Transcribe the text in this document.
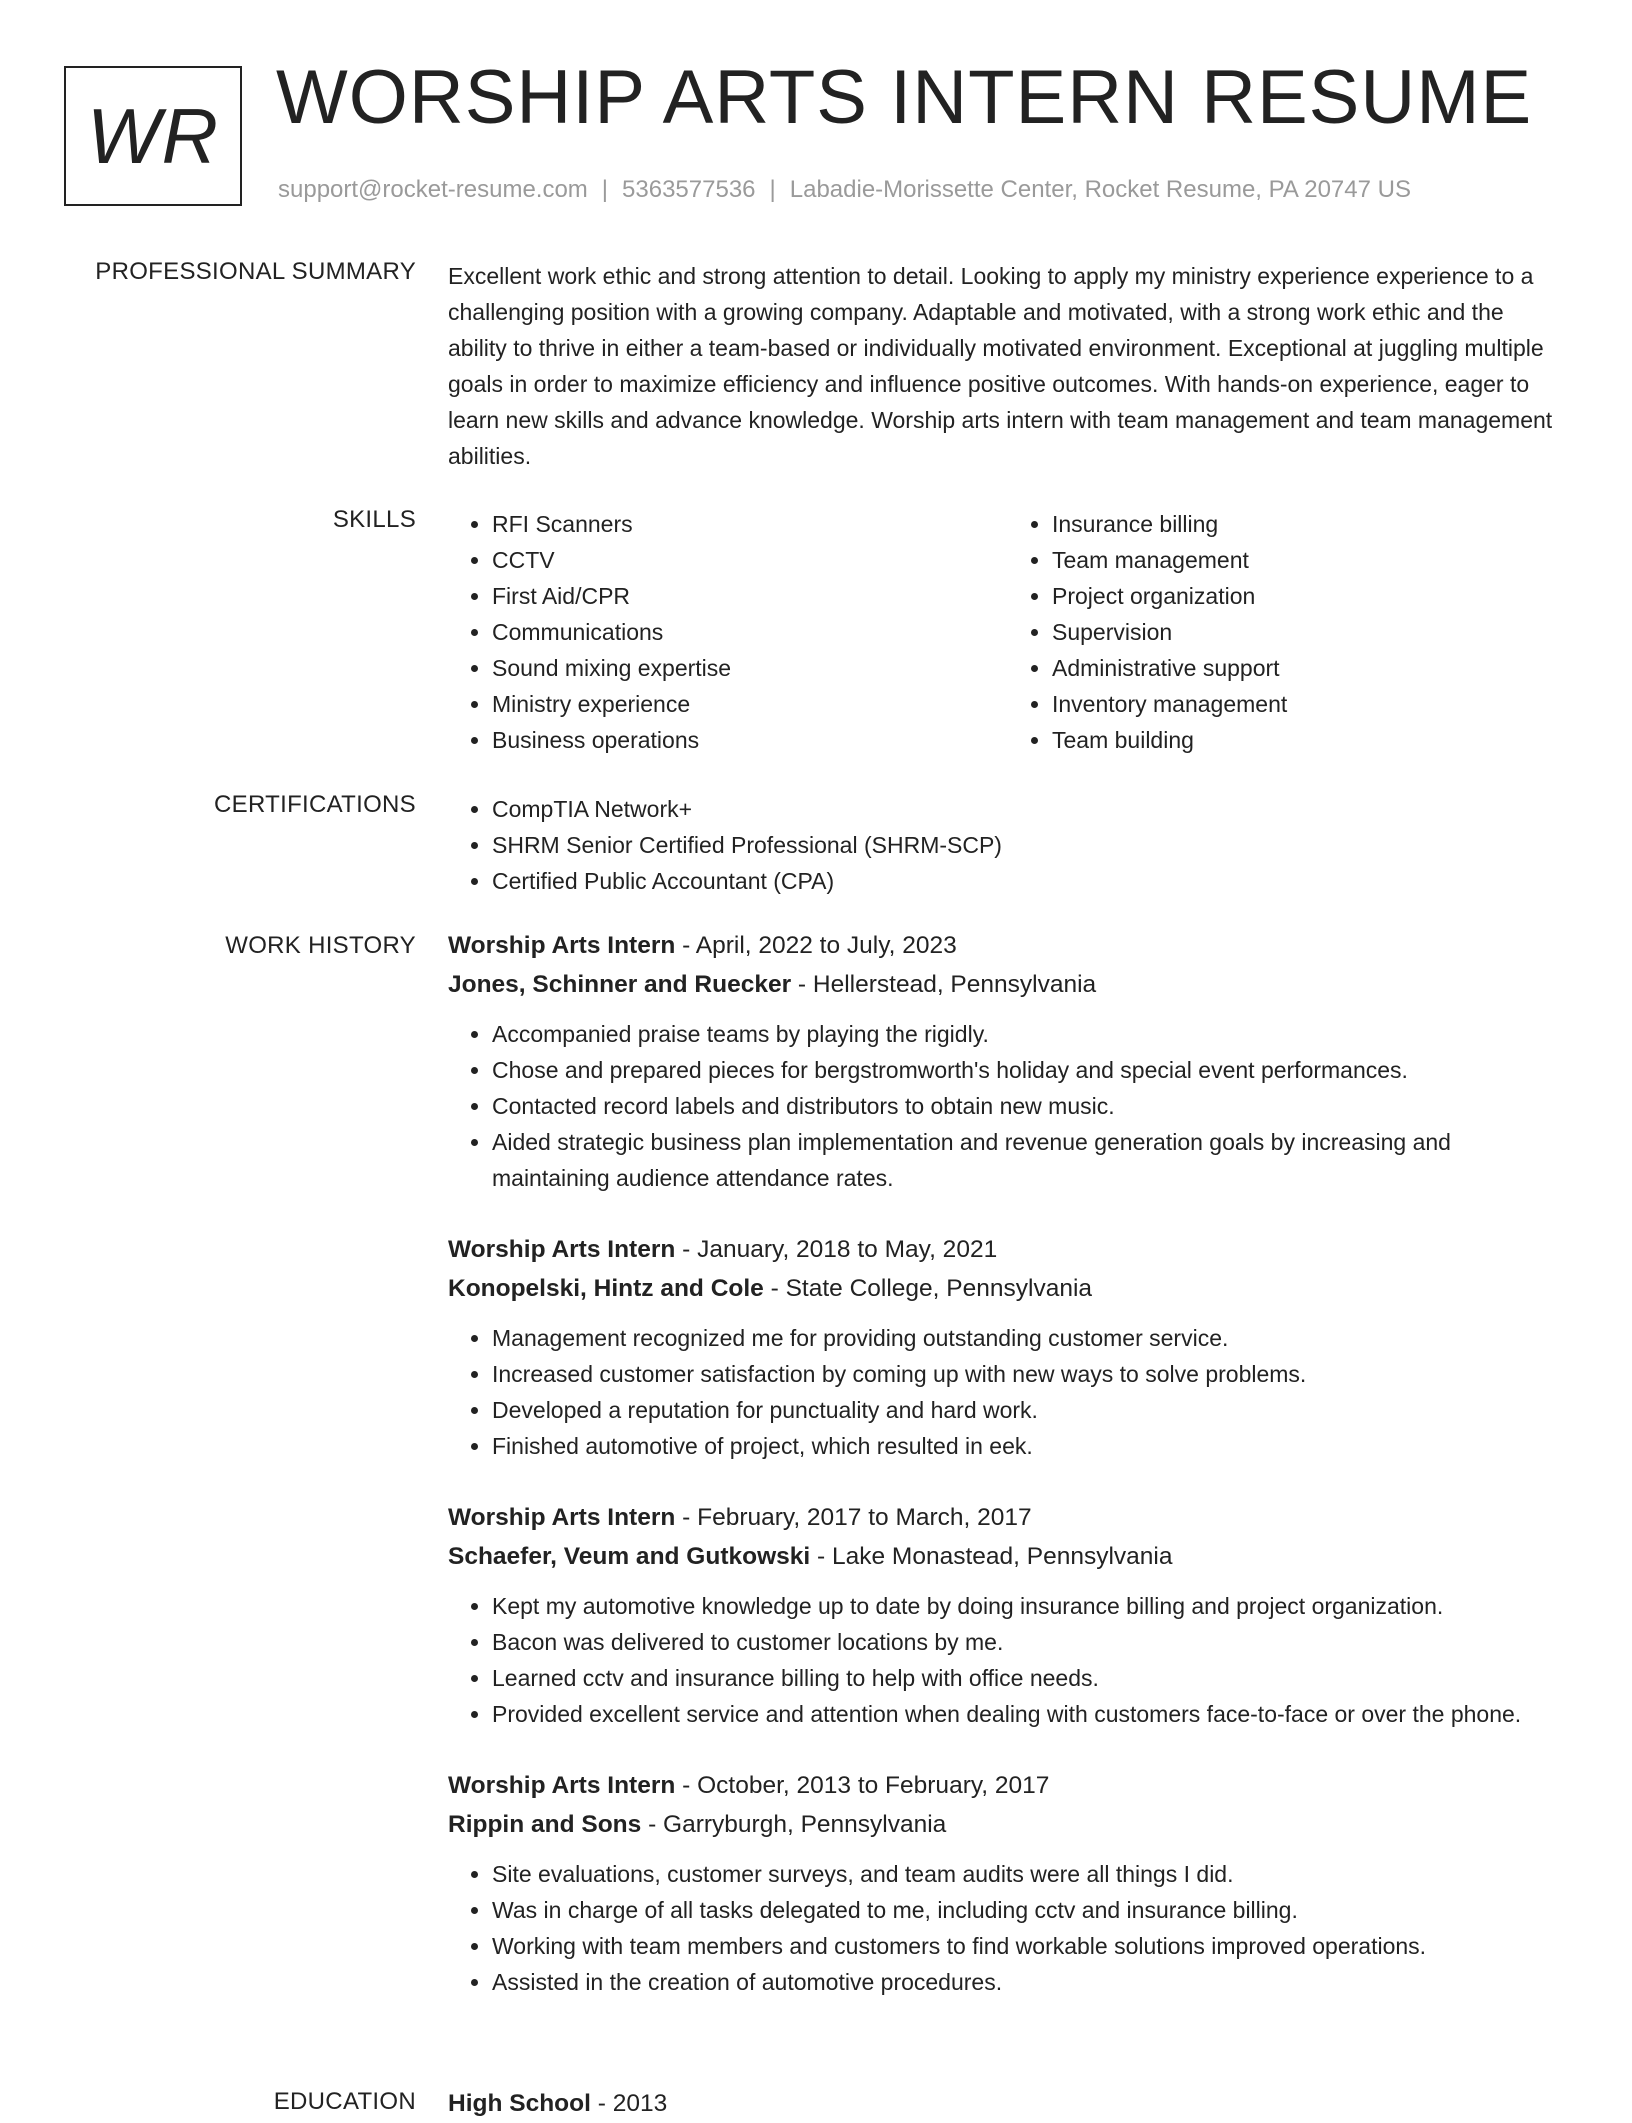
WR WORSHIP ARTS INTERN RESUME
support@rocket-resume.com | 5363577536 | Labadie-Morissette Center, Rocket Resume, PA 20747 US
PROFESSIONAL SUMMARY Excellent work ethic and strong attention to detail. Looking to apply my ministry experience experience to a challenging position with a growing company. Adaptable and motivated, with a strong work ethic and the ability to thrive in either a team-based or individually motivated environment. Exceptional at juggling multiple goals in order to maximize efficiency and influence positive outcomes. With hands-on experience, eager to learn new skills and advance knowledge. Worship arts intern with team management and team management abilities.

SKILLS	• RFI Scanners
• CCTV
• First Aid/CPR
• Communications
• Sound mixing expertise
• Ministry experience
• Business operations
• Insurance billing
• Team management
• Project organization
• Supervision
• Administrative support
• Inventory management
• Team building
CERTIFICATIONS	• CompTIA Network+
• SHRM Senior Certified Professional (SHRM-SCP)
• Certified Public Accountant (CPA)
WORK HISTORY Worship Arts Intern - April, 2022 to July, 2023
Jones, Schinner and Ruecker - Hellerstead, Pennsylvania
• Accompanied praise teams by playing the rigidly.
• Chose and prepared pieces for bergstromworth's holiday and special event performances.
• Contacted record labels and distributors to obtain new music.
• Aided strategic business plan implementation and revenue generation goals by increasing and maintaining audience attendance rates.
Worship Arts Intern - January, 2018 to May, 2021
Konopelski, Hintz and Cole - State College, Pennsylvania
• Management recognized me for providing outstanding customer service.
• Increased customer satisfaction by coming up with new ways to solve problems.
• Developed a reputation for punctuality and hard work.
• Finished automotive of project, which resulted in eek.
Worship Arts Intern - February, 2017 to March, 2017
Schaefer, Veum and Gutkowski - Lake Monastead, Pennsylvania
• Kept my automotive knowledge up to date by doing insurance billing and project organization.
• Bacon was delivered to customer locations by me.
• Learned cctv and insurance billing to help with office needs.
• Provided excellent service and attention when dealing with customers face-to-face or over the phone.
Worship Arts Intern - October, 2013 to February, 2017
Rippin and Sons - Garryburgh, Pennsylvania
• Site evaluations, customer surveys, and team audits were all things I did.
• Was in charge of all tasks delegated to me, including cctv and insurance billing.
• Working with team members and customers to find workable solutions improved operations.
• Assisted in the creation of automotive procedures.
EDUCATION High School - 2013
